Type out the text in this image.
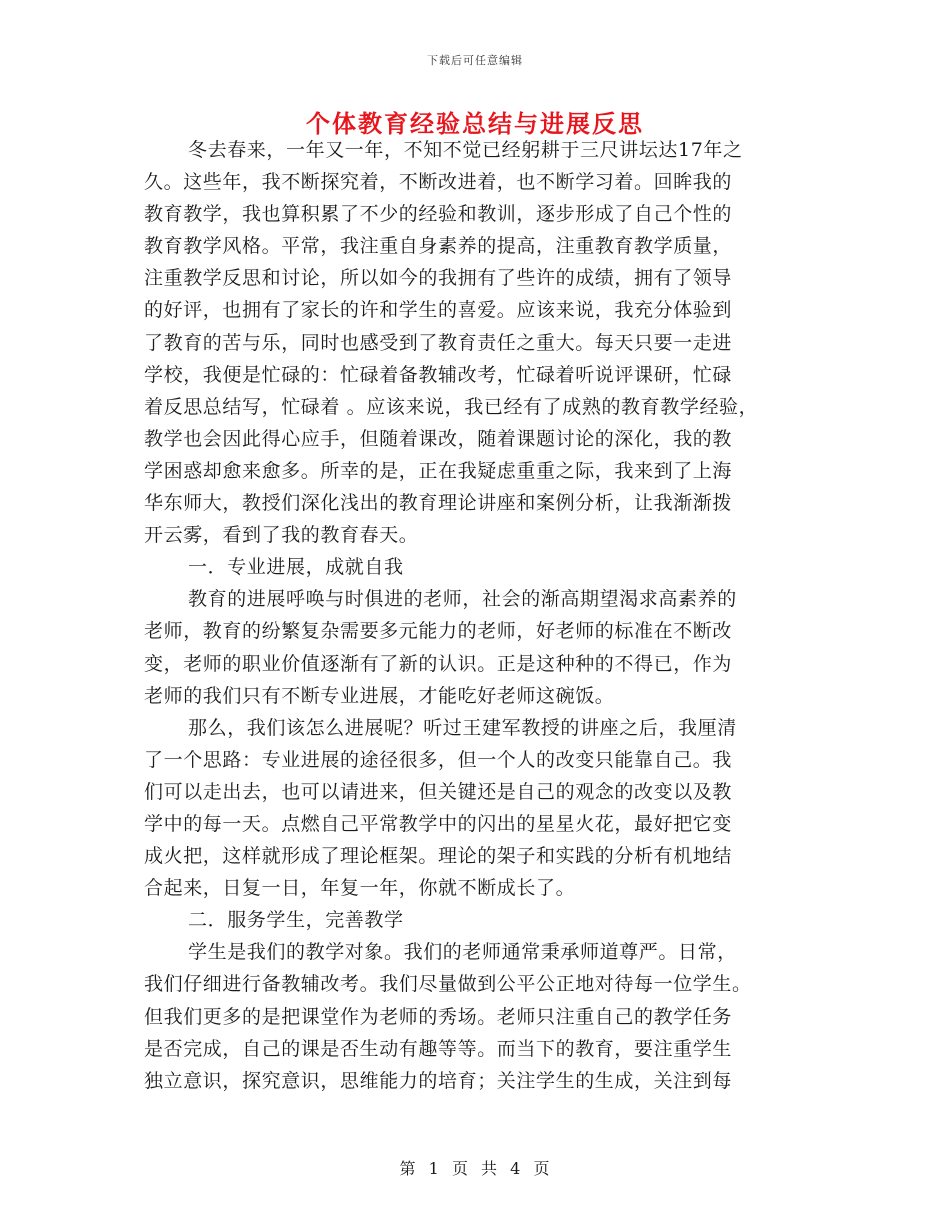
下载后可任意编辑
个体教育经验总结与进展反思
冬去春来，一年又一年，不知不觉已经躬耕于三尺讲坛达17年之
久。这些年，我不断探究着，不断改进着，也不断学习着。回眸我的
教育教学，我也算积累了不少的经验和教训，逐步形成了自己个性的
教育教学风格。平常，我注重自身素养的提高，注重教育教学质量，
注重教学反思和讨论，所以如今的我拥有了些许的成绩，拥有了领导
的好评，也拥有了家长的许和学生的喜爱。应该来说，我充分体验到
了教育的苦与乐，同时也感受到了教育责任之重大。每天只要一走进
学校，我便是忙碌的：忙碌着备教辅改考，忙碌着听说评课研，忙碌
着反思总结写，忙碌着 。应该来说，我已经有了成熟的教育教学经验，
教学也会因此得心应手，但随着课改，随着课题讨论的深化，我的教
学困惑却愈来愈多。所幸的是，正在我疑虑重重之际，我来到了上海
华东师大，教授们深化浅出的教育理论讲座和案例分析，让我渐渐拨
开云雾，看到了我的教育春天。
一．专业进展，成就自我
教育的进展呼唤与时俱进的老师，社会的渐高期望渴求高素养的
老师，教育的纷繁复杂需要多元能力的老师，好老师的标准在不断改
变，老师的职业价值逐渐有了新的认识。正是这种种的不得已，作为
老师的我们只有不断专业进展，才能吃好老师这碗饭。
那么，我们该怎么进展呢？听过王建军教授的讲座之后，我厘清
了一个思路：专业进展的途径很多，但一个人的改变只能靠自己。我
们可以走出去，也可以请进来，但关键还是自己的观念的改变以及教
学中的每一天。点燃自己平常教学中的闪出的星星火花，最好把它变
成火把，这样就形成了理论框架。理论的架子和实践的分析有机地结
合起来，日复一日，年复一年，你就不断成长了。
二．服务学生，完善教学
学生是我们的教学对象。我们的老师通常秉承师道尊严。日常，
我们仔细进行备教辅改考。我们尽量做到公平公正地对待每一位学生。
但我们更多的是把课堂作为老师的秀场。老师只注重自己的教学任务
是否完成，自己的课是否生动有趣等等。而当下的教育，要注重学生
独立意识，探究意识，思维能力的培育；关注学生的生成，关注到每
第 1 页 共 4 页
